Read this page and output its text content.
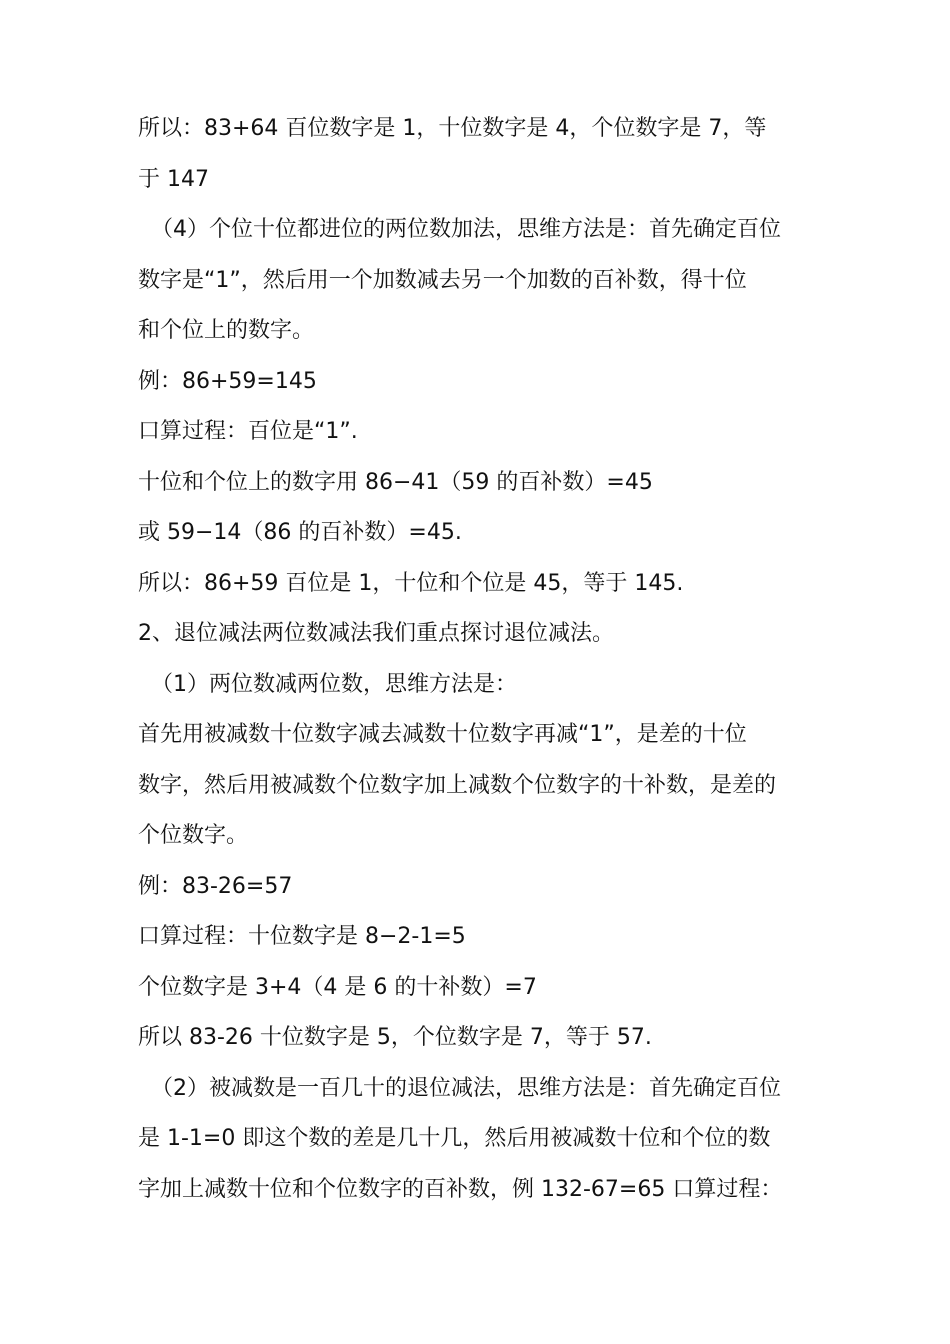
所以：83+64 百位数字是 1，十位数字是 4，个位数字是 7，等

于 147

（4）个位十位都进位的两位数加法，思维方法是：首先确定百位

数字是“1”，然后用一个加数减去另一个加数的百补数，得十位

和个位上的数字。

例：86+59=145

口算过程：百位是“1”.

十位和个位上的数字用 86−41（59 的百补数）=45

或 59−14（86 的百补数）=45.

所以：86+59 百位是 1，十位和个位是 45，等于 145.

2、退位减法两位数减法我们重点探讨退位减法。

（1）两位数减两位数，思维方法是：

首先用被减数十位数字减去减数十位数字再减“1”，是差的十位

数字，然后用被减数个位数字加上减数个位数字的十补数，是差的

个位数字。

例：83-26=57

口算过程：十位数字是 8−2-1=5

个位数字是 3+4（4 是 6 的十补数）=7

所以 83-26 十位数字是 5，个位数字是 7，等于 57.

（2）被减数是一百几十的退位减法，思维方法是：首先确定百位

是 1-1=0 即这个数的差是几十几，然后用被减数十位和个位的数

字加上减数十位和个位数字的百补数，例 132-67=65 口算过程：
